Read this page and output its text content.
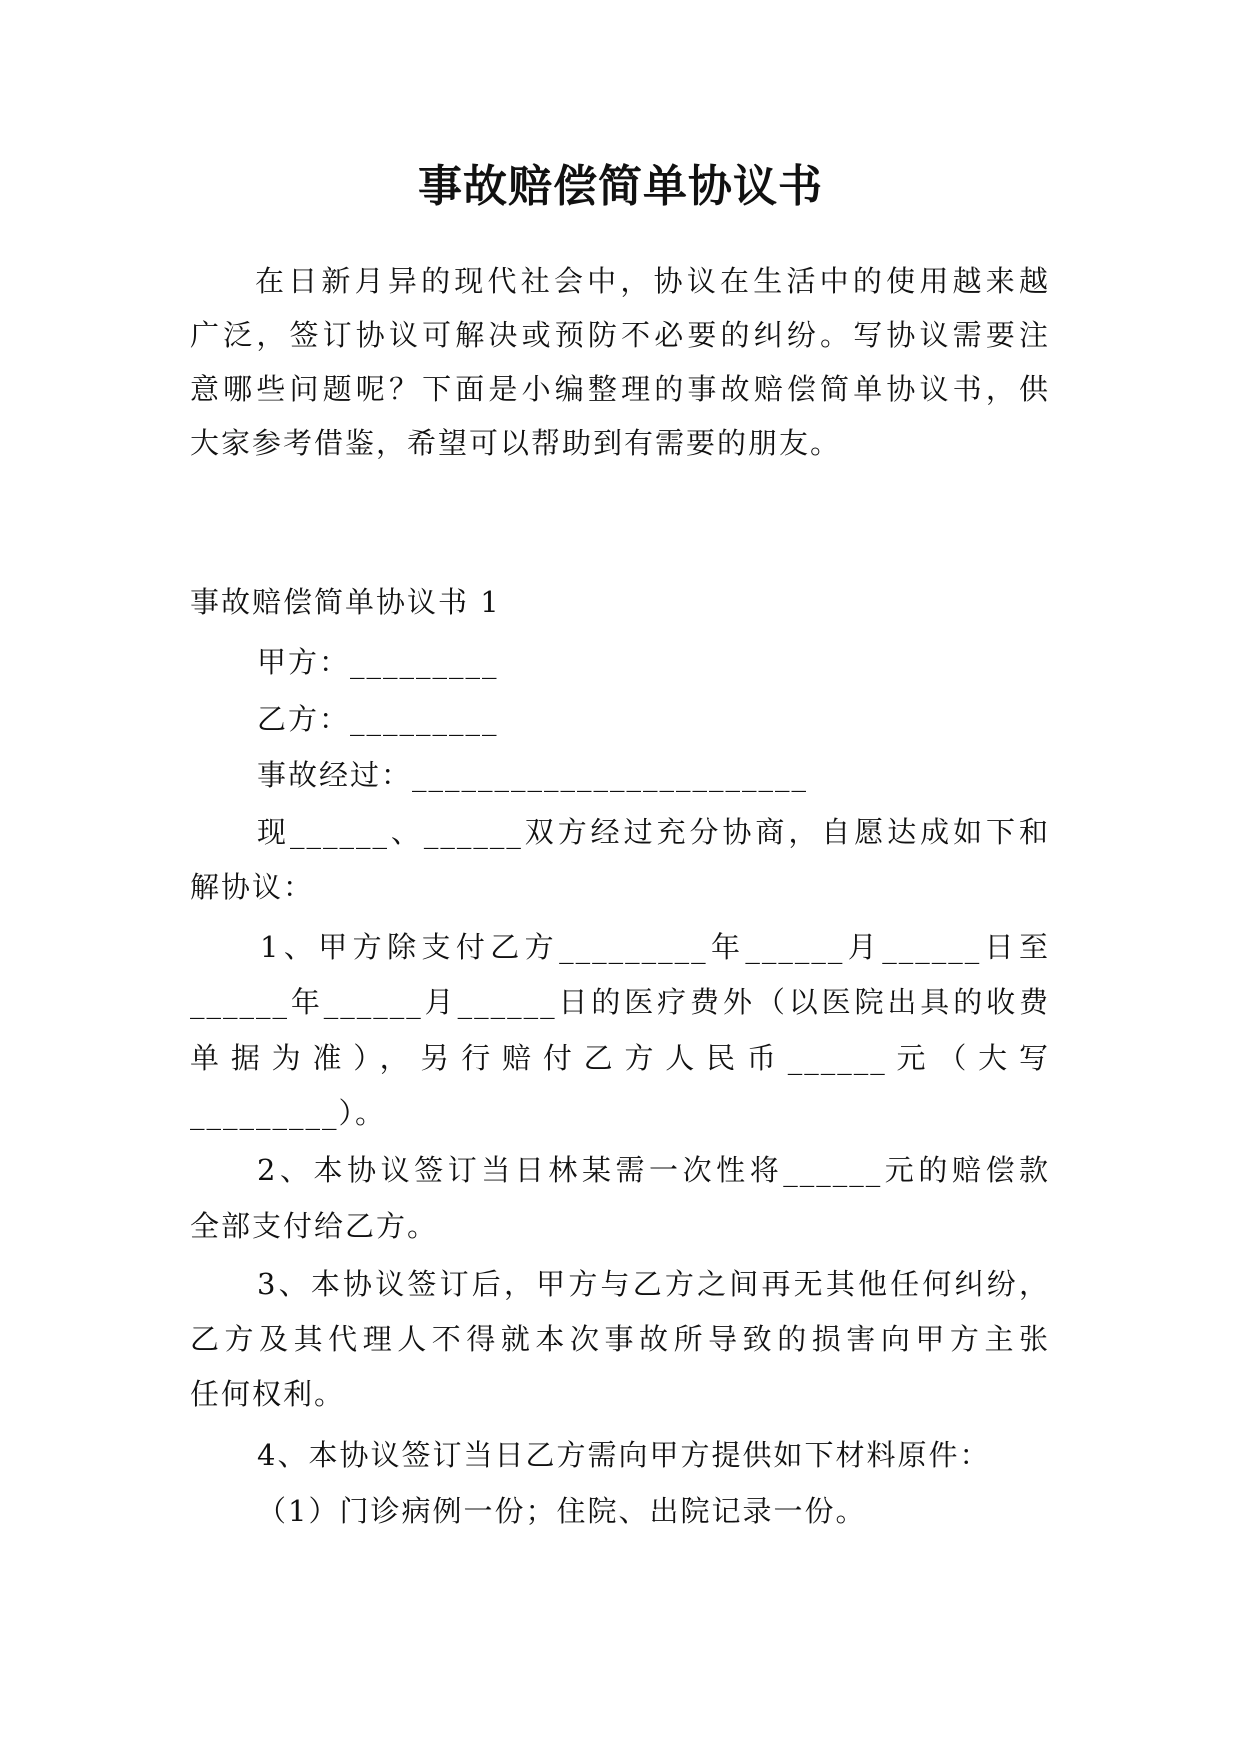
事故赔偿简单协议书
在日新月异的现代社会中，协议在生活中的使用越来越
广泛，签订协议可解决或预防不必要的纠纷。写协议需要注
意哪些问题呢？下面是小编整理的事故赔偿简单协议书，供
大家参考借鉴，希望可以帮助到有需要的朋友。
事故赔偿简单协议书 1
甲方：_________
乙方：_________
事故经过：________________________
现______、______双方经过充分协商，自愿达成如下和
解协议：
1、甲方除支付乙方_________年______月______日至
______年______月______日的医疗费外（以医院出具的收费
单据为准），另行赔付乙方人民币______元（大写
_________）。
2、本协议签订当日林某需一次性将______元的赔偿款
全部支付给乙方。
3、本协议签订后，甲方与乙方之间再无其他任何纠纷，
乙方及其代理人不得就本次事故所导致的损害向甲方主张
任何权利。
4、本协议签订当日乙方需向甲方提供如下材料原件：
（1）门诊病例一份；住院、出院记录一份。
